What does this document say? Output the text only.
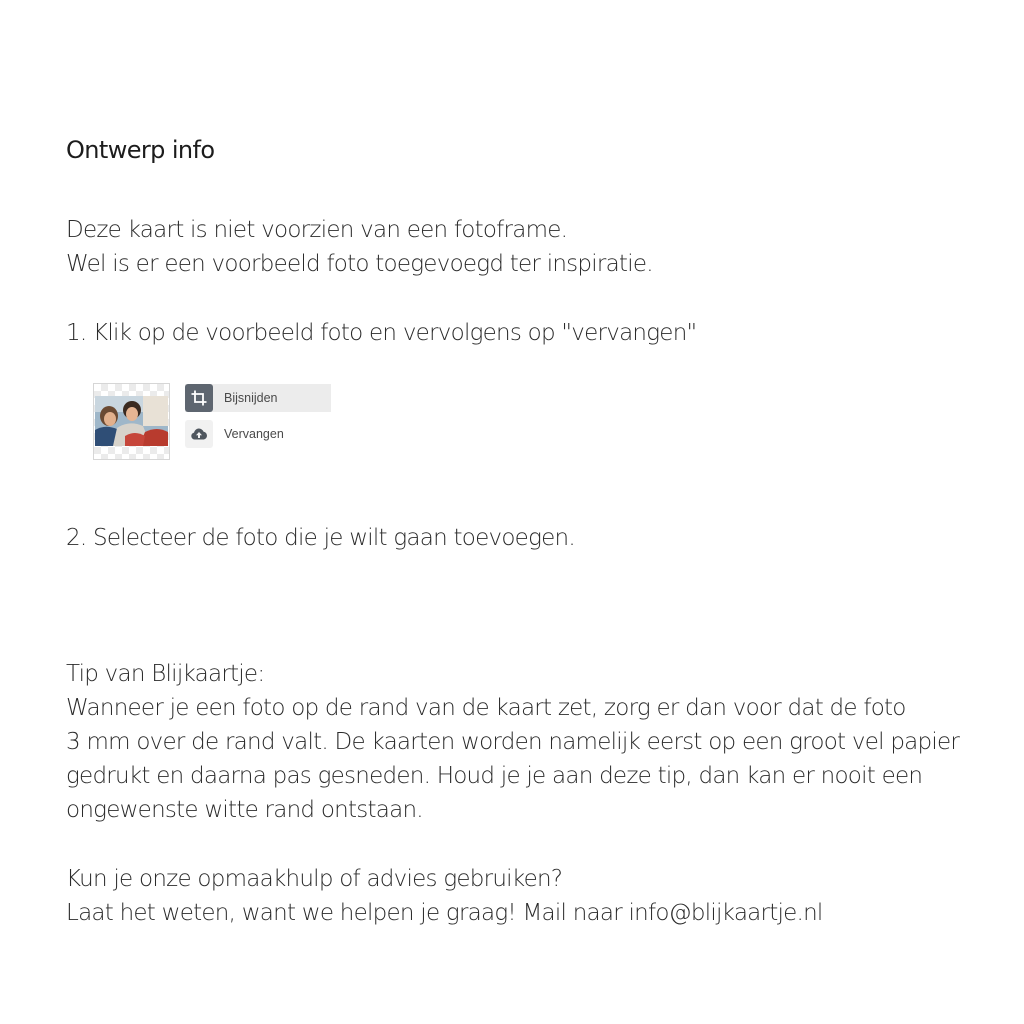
Ontwerp info
Deze kaart is niet voorzien van een fotoframe.
Wel is er een voorbeeld foto toegevoegd ter inspiratie.
1. Klik op de voorbeeld foto en vervolgens op "vervangen"
Bijsnijden
Vervangen
2. Selecteer de foto die je wilt gaan toevoegen.
Tip van Blijkaartje:
Wanneer je een foto op de rand van de kaart zet, zorg er dan voor dat de foto
3 mm over de rand valt. De kaarten worden namelijk eerst op een groot vel papier
gedrukt en daarna pas gesneden. Houd je je aan deze tip, dan kan er nooit een
ongewenste witte rand ontstaan.
Kun je onze opmaakhulp of advies gebruiken?
Laat het weten, want we helpen je graag! Mail naar info@blijkaartje.nl
